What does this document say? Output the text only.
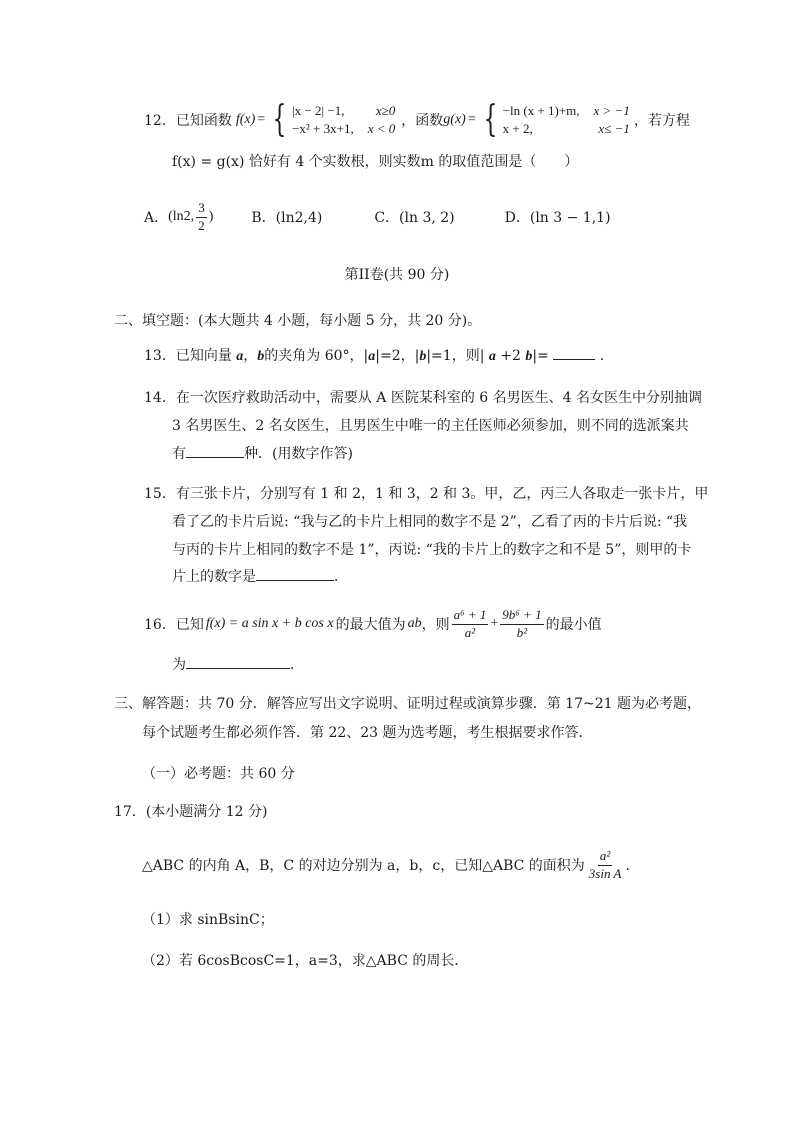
12． 已知函数 f(x) = { |x − 2| −1, x≥0
−x² + 3x+1, x < 0 ，函数 g(x) = { −ln (x + 1)+m, x > −1
x + 2,	x≤ −1 ，若方程
f(x) = g(x) 恰好有 4 个实数根，则实数m 的取值范围是（　　）
A． (ln2, $\frac{3}{2}$ )	B．(ln2,4)	C．(ln 3, 2)	D．(ln 3 − 1,1)
第II卷(共 90 分)
二、填空题：(本大题共 4 小题，每小题 5 分，共 20 分)。
13．已知向量 a，b的夹角为 60°，|a|=2，|b|=1，则| a +2 b|=	．
14．在一次医疗救助活动中，需要从 A 医院某科室的 6 名男医生、4 名女医生中分别抽调
3 名男医生、2 名女医生，且男医生中唯一的主任医师必须参加，则不同的选派案共
有	种．(用数字作答)
15．有三张卡片，分别写有 1 和 2，1 和 3，2 和 3。甲，乙，丙三人各取走一张卡片，甲
看了乙的卡片后说: “我与乙的卡片上相同的数字不是 2”，乙看了丙的卡片后说: “我
与丙的卡片上相同的数字不是 1”，丙说: “我的卡片上的数字之和不是 5”，则甲的卡
片上的数字是	．
16．已知 f(x) = a sin x + b cos x 的最大值为 ab ，则 $\frac{\text{a⁶ + 1}}{\text{a²}} + \frac{\text{9b⁶ + 1}}{\text{b²}}$ 的最小值
为	．
三、解答题：共 70 分．解答应写出文字说明、证明过程或演算步骤．第 17~21 题为必考题，
每个试题考生都必须作答．第 22、23 题为选考题，考生根据要求作答．
（一）必考题：共 60 分
17．(本小题满分 12 分)
△ABC 的内角 A，B，C 的对边分别为 a，b，c，已知△ABC 的面积为 $\frac{\text{a²}}{\text{3sin A}}$ ．
（1）求 sinBsinC；
（2）若 6cosBcosC=1，a=3，求△ABC 的周长．
